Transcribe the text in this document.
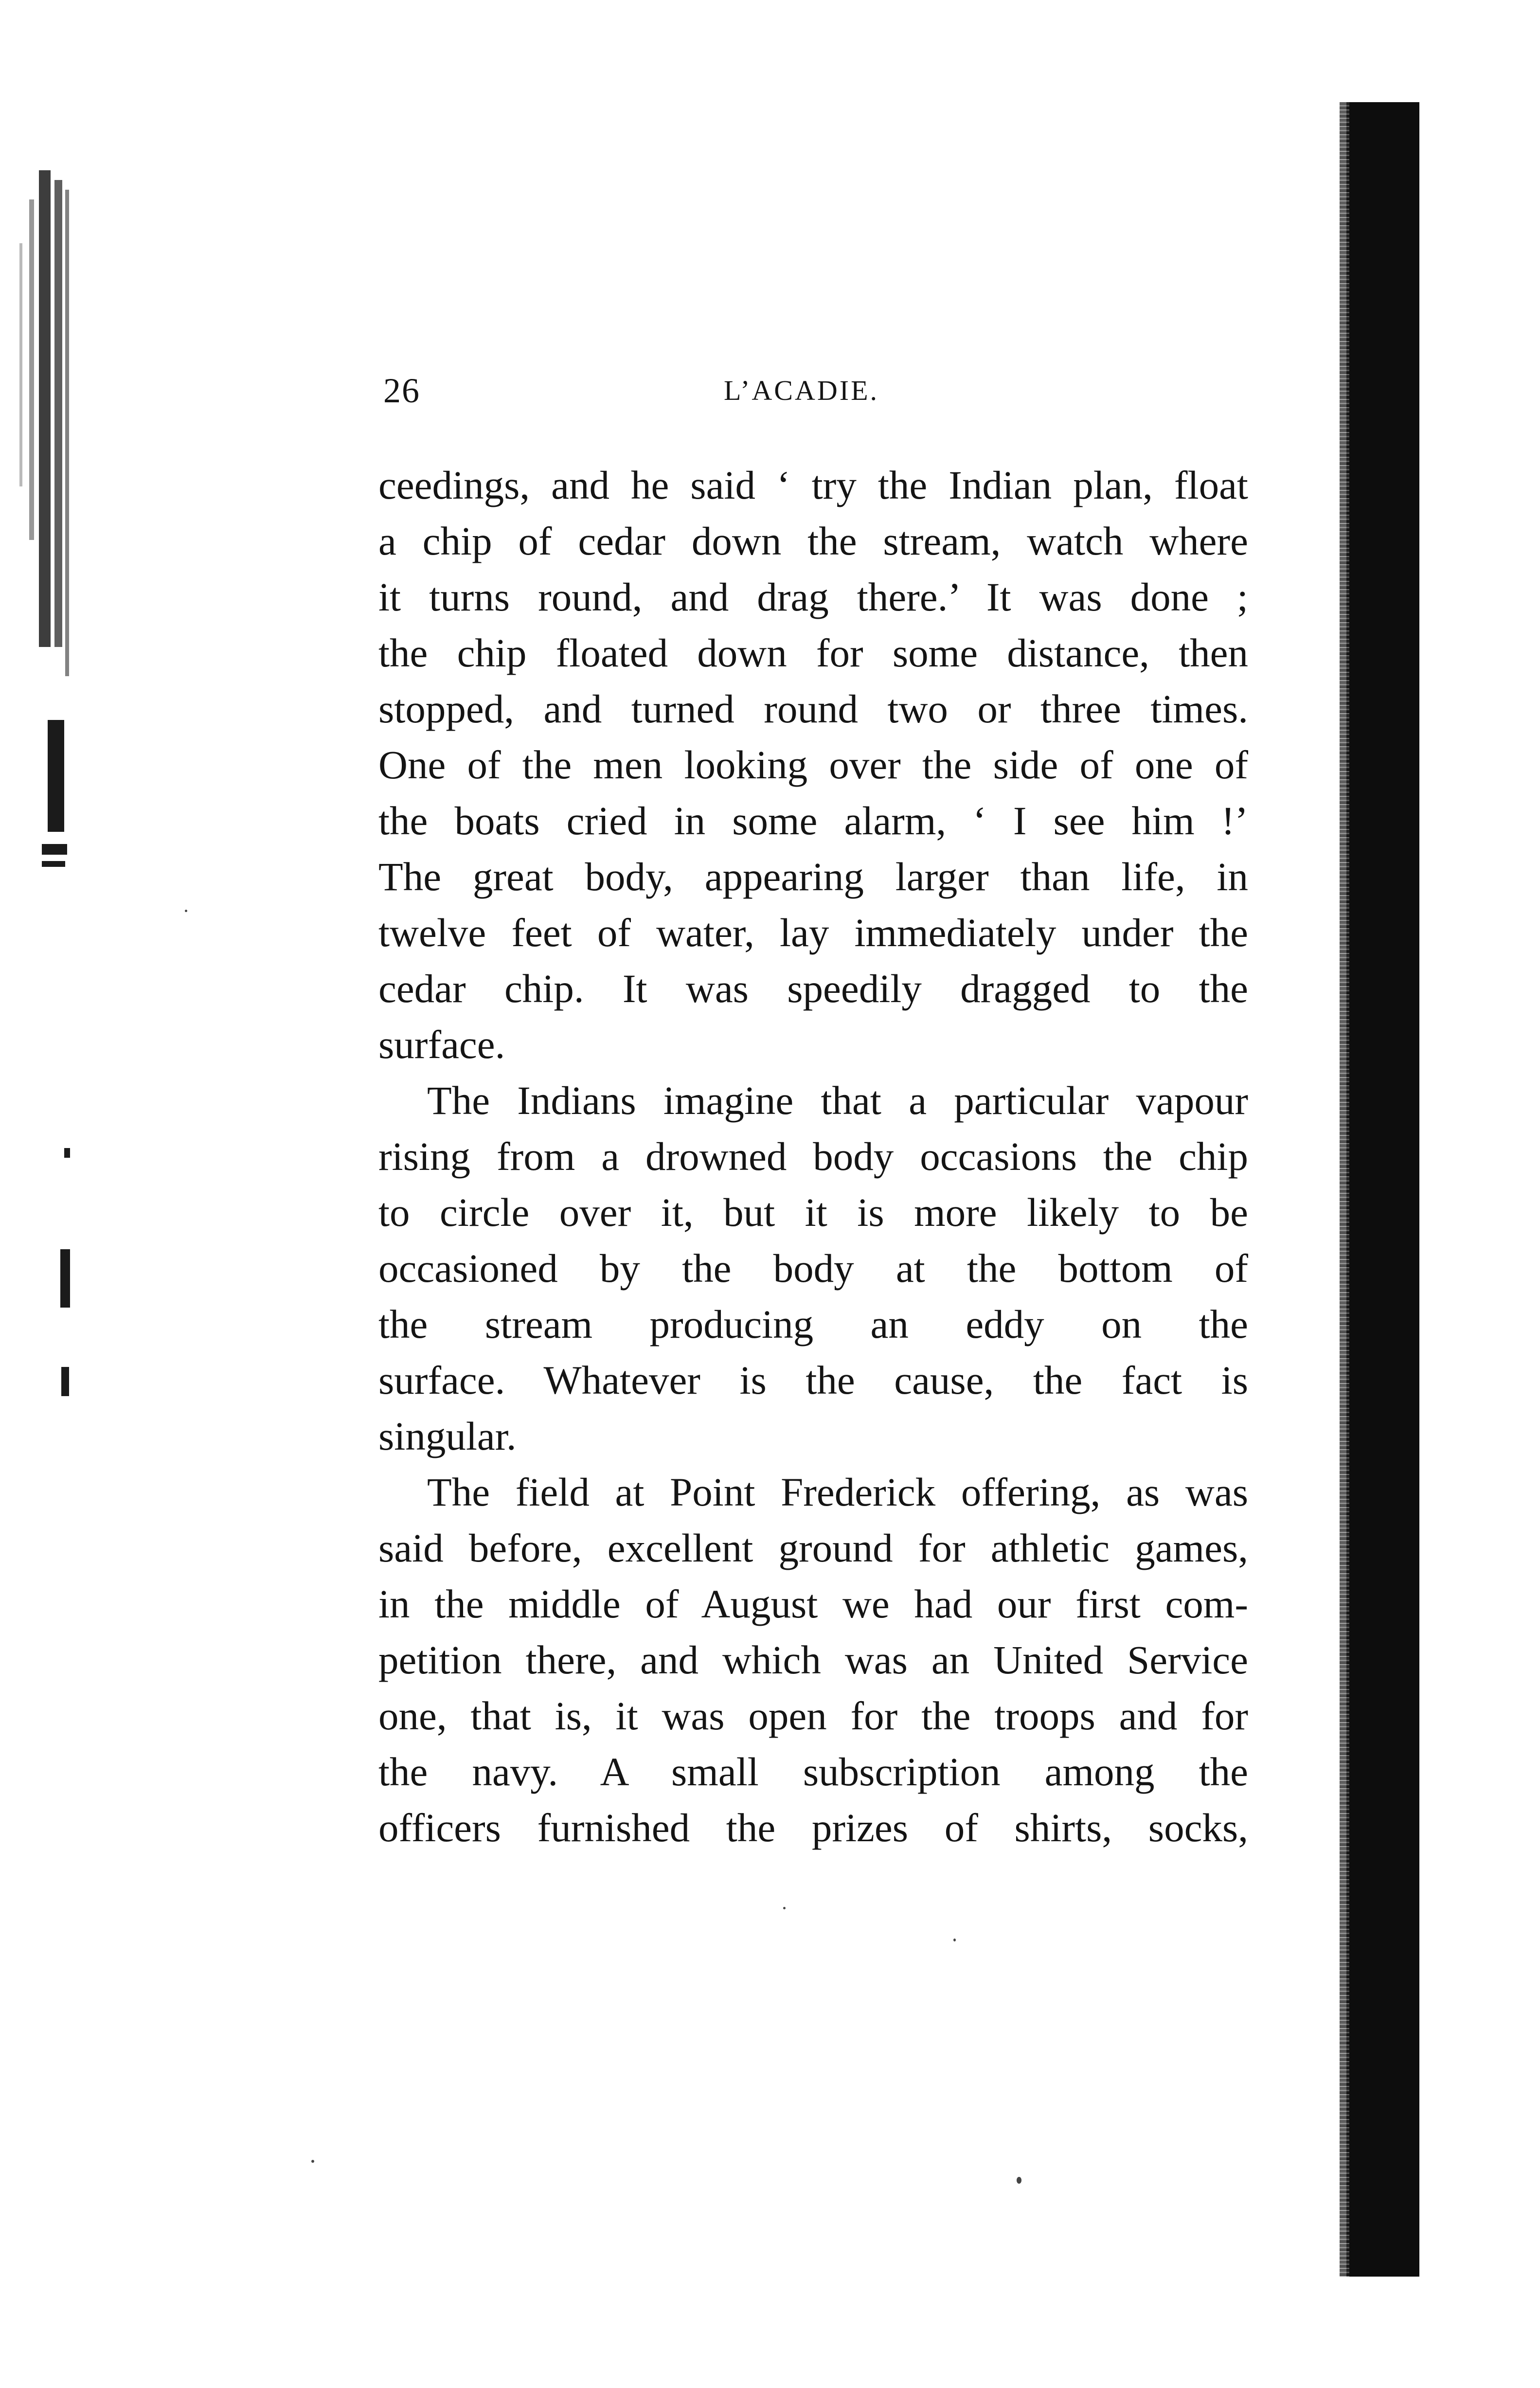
26	L’ACADIE.
ceedings, and he said ‘ try the Indian plan, float
a chip of cedar down the stream, watch where
it turns round, and drag there.’ It was done ;
the chip floated down for some distance, then
stopped, and turned round two or three times.
One of the men looking over the side of one of
the boats cried in some alarm, ‘ I see him !’
The great body, appearing larger than life, in
twelve feet of water, lay immediately under the
cedar chip. It was speedily dragged to the
surface.
The Indians imagine that a particular vapour
rising from a drowned body occasions the chip
to circle over it, but it is more likely to be
occasioned by the body at the bottom of
the stream producing an eddy on the
surface. Whatever is the cause, the fact is
singular.
The field at Point Frederick offering, as was
said before, excellent ground for athletic games,
in the middle of August we had our first com-
petition there, and which was an United Service
one, that is, it was open for the troops and for
the navy. A small subscription among the
officers furnished the prizes of shirts, socks,
